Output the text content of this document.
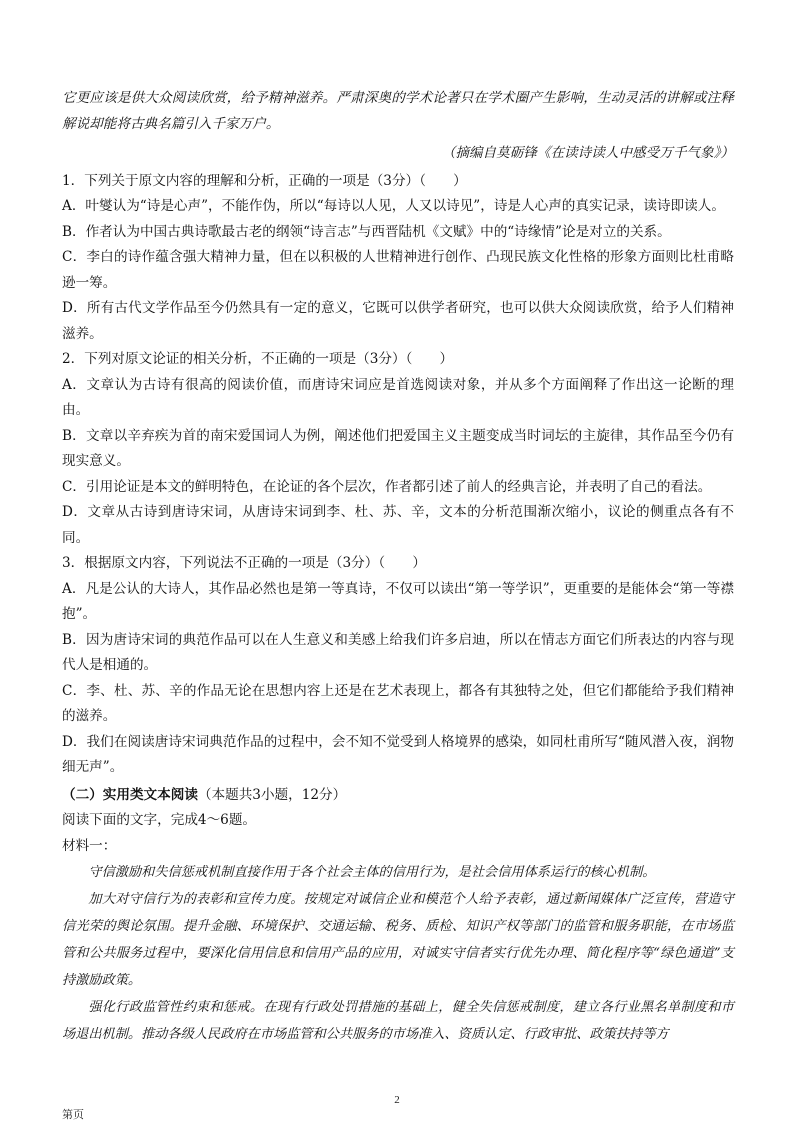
它更应该是供大众阅读欣赏，给予精神滋养。严肃深奥的学术论著只在学术圈产生影响，生动灵活的讲解或注释解说却能将古典名篇引入千家万户。

（摘编自莫砺锋《在读诗读人中感受万千气象》）

1．下列关于原文内容的理解和分析，正确的一项是（3分）（　　）

A．叶燮认为“诗是心声”，不能作伪，所以“每诗以人见，人又以诗见”，诗是人心声的真实记录，读诗即读人。

B．作者认为中国古典诗歌最古老的纲领“诗言志”与西晋陆机《文赋》中的“诗缘情”论是对立的关系。

C．李白的诗作蕴含强大精神力量，但在以积极的人世精神进行创作、凸现民族文化性格的形象方面则比杜甫略逊一筹。

D．所有古代文学作品至今仍然具有一定的意义，它既可以供学者研究，也可以供大众阅读欣赏，给予人们精神滋养。

2．下列对原文论证的相关分析，不正确的一项是（3分）（　　）

A．文章认为古诗有很高的阅读价值，而唐诗宋词应是首选阅读对象，并从多个方面阐释了作出这一论断的理由。

B．文章以辛弃疾为首的南宋爱国词人为例，阐述他们把爱国主义主题变成当时词坛的主旋律，其作品至今仍有现实意义。

C．引用论证是本文的鲜明特色，在论证的各个层次，作者都引述了前人的经典言论，并表明了自己的看法。

D．文章从古诗到唐诗宋词，从唐诗宋词到李、杜、苏、辛，文本的分析范围渐次缩小，议论的侧重点各有不同。

3．根据原文内容，下列说法不正确的一项是（3分）（　　）

A．凡是公认的大诗人，其作品必然也是第一等真诗，不仅可以读出“第一等学识”，更重要的是能体会“第一等襟抱”。

B．因为唐诗宋词的典范作品可以在人生意义和美感上给我们许多启迪，所以在情志方面它们所表达的内容与现代人是相通的。

C．李、杜、苏、辛的作品无论在思想内容上还是在艺术表现上，都各有其独特之处，但它们都能给予我们精神的滋养。

D．我们在阅读唐诗宋词典范作品的过程中，会不知不觉受到人格境界的感染，如同杜甫所写“随风潜入夜，润物细无声”。

（二）实用类文本阅读（本题共3小题，12分）

阅读下面的文字，完成4～6题。

材料一：

守信激励和失信惩戒机制直接作用于各个社会主体的信用行为，是社会信用体系运行的核心机制。

加大对守信行为的表彰和宣传力度。按规定对诚信企业和模范个人给予表彰，通过新闻媒体广泛宣传，营造守信光荣的舆论氛围。提升金融、环境保护、交通运输、税务、质检、知识产权等部门的监管和服务职能，在市场监管和公共服务过程中，要深化信用信息和信用产品的应用，对诚实守信者实行优先办理、简化程序等“绿色通道”支持激励政策。

强化行政监管性约束和惩戒。在现有行政处罚措施的基础上，健全失信惩戒制度，建立各行业黑名单制度和市场退出机制。推动各级人民政府在市场监管和公共服务的市场准入、资质认定、行政审批、政策扶持等方

2
第页
